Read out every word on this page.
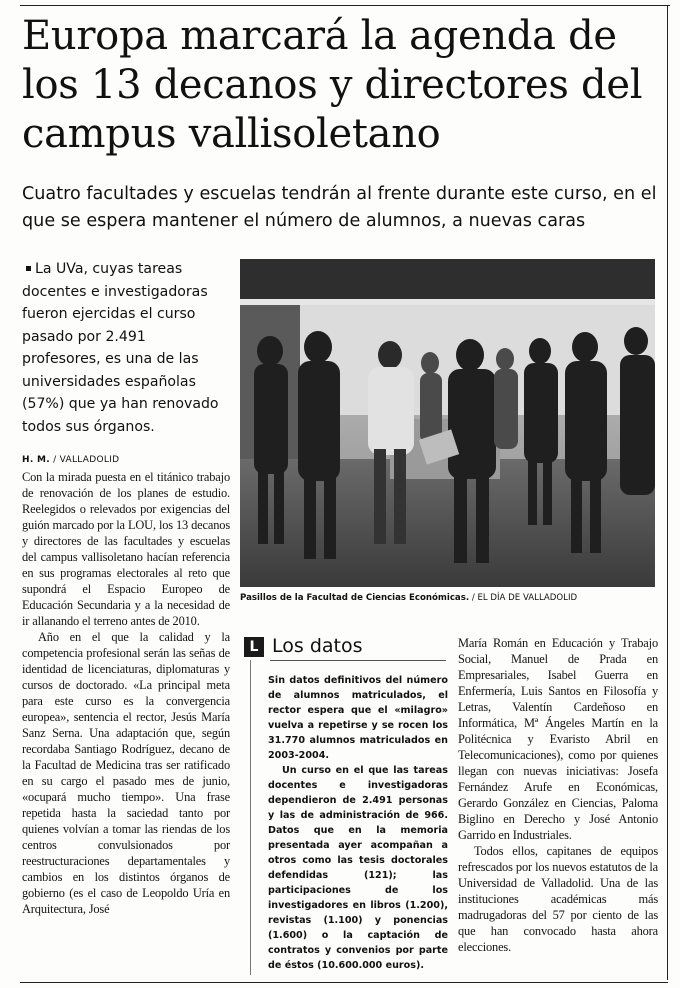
Europa marcará la agenda de los 13 decanos y directores del campus vallisoletano

Cuatro facultades y escuelas tendrán al frente durante este curso, en el que se espera mantener el número de alumnos, a nuevas caras

La UVa, cuyas tareas docentes e investigadoras fueron ejercidas el curso pasado por 2.491 profesores, es una de las universidades españolas (57%) que ya han renovado todos sus órganos.

H. M. / VALLADOLID

Con la mirada puesta en el titánico trabajo de renovación de los planes de estudio. Reelegidos o relevados por exigencias del guión marcado por la LOU, los 13 decanos y directores de las facultades y escuelas del campus vallisoletano hacían referencia en sus programas electorales al reto que supondrá el Espacio Europeo de Educación Secundaria y a la necesidad de ir allanando el terreno antes de 2010.

Año en el que la calidad y la competencia profesional serán las señas de identidad de licenciaturas, diplomaturas y cursos de doctorado. «La principal meta para este curso es la convergencia europea», sentencia el rector, Jesús María Sanz Serna. Una adaptación que, según recordaba Santiago Rodríguez, decano de la Facultad de Medicina tras ser ratificado en su cargo el pasado mes de junio, «ocupará mucho tiempo». Una frase repetida hasta la saciedad tanto por quienes volvían a tomar las riendas de los centros convulsionados por reestructuraciones departamentales y cambios en los distintos órganos de gobierno (es el caso de Leopoldo Uría en Arquitectura, José

Pasillos de la Facultad de Ciencias Económicas. / EL DÍA DE VALLADOLID
L Los datos

Sin datos definitivos del número de alumnos matriculados, el rector espera que el «milagro» vuelva a repetirse y se rocen los 31.770 alumnos matriculados en 2003-2004.

Un curso en el que las tareas docentes e investigadoras dependieron de 2.491 personas y las de administración de 966. Datos que en la memoria presentada ayer acompañan a otros como las tesis doctorales defendidas (121); las participaciones de los investigadores en libros (1.200), revistas (1.100) y ponencias (1.600) o la captación de contratos y convenios por parte de éstos (10.600.000 euros).

María Román en Educación y Trabajo Social, Manuel de Prada en Empresariales, Isabel Guerra en Enfermería, Luis Santos en Filosofía y Letras, Valentín Cardeñoso en Informática, Mª Ángeles Martín en la Politécnica y Evaristo Abril en Telecomunicaciones), como por quienes llegan con nuevas iniciativas: Josefa Fernández Arufe en Económicas, Gerardo González en Ciencias, Paloma Biglino en Derecho y José Antonio Garrido en Industriales.

Todos ellos, capitanes de equipos refrescados por los nuevos estatutos de la Universidad de Valladolid. Una de las instituciones académicas más madrugadoras del 57 por ciento de las que han convocado hasta ahora elecciones.
